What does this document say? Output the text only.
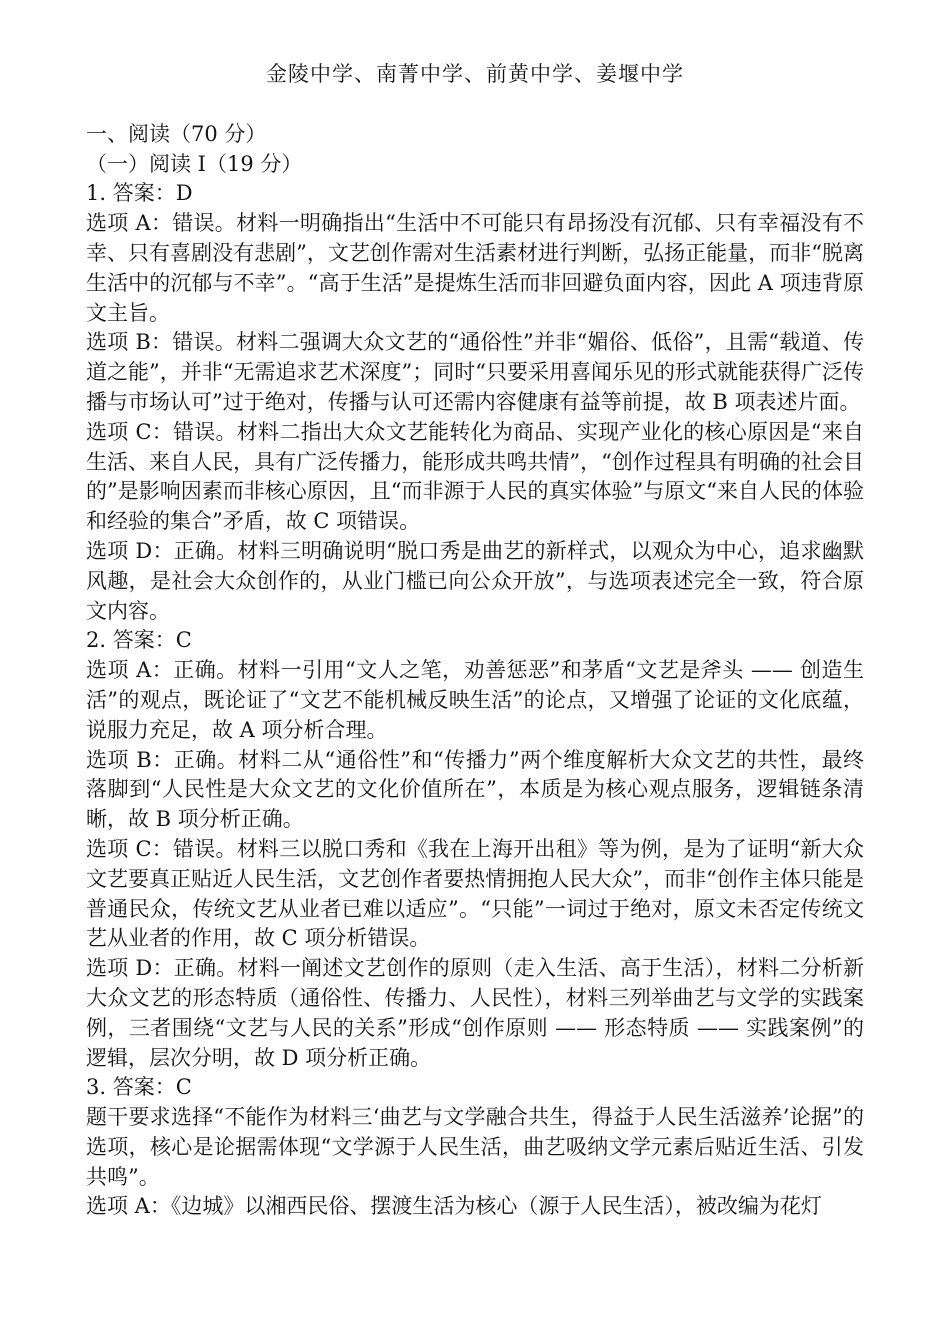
金陵中学、南菁中学、前黄中学、姜堰中学

一、阅读（70 分）

（一）阅读 I（19 分）

1. 答案：D

选项 A：错误。材料一明确指出“生活中不可能只有昂扬没有沉郁、只有幸福没有不幸、只有喜剧没有悲剧”，文艺创作需对生活素材进行判断，弘扬正能量，而非“脱离生活中的沉郁与不幸”。“高于生活”是提炼生活而非回避负面内容，因此 A 项违背原文主旨。

选项 B：错误。材料二强调大众文艺的“通俗性”并非“媚俗、低俗”，且需“载道、传道之能”，并非“无需追求艺术深度”；同时“只要采用喜闻乐见的形式就能获得广泛传播与市场认可”过于绝对，传播与认可还需内容健康有益等前提，故 B 项表述片面。

选项 C：错误。材料二指出大众文艺能转化为商品、实现产业化的核心原因是“来自生活、来自人民，具有广泛传播力，能形成共鸣共情”，“创作过程具有明确的社会目的”是影响因素而非核心原因，且“而非源于人民的真实体验”与原文“来自人民的体验和经验的集合”矛盾，故 C 项错误。

选项 D：正确。材料三明确说明“脱口秀是曲艺的新样式，以观众为中心，追求幽默风趣，是社会大众创作的，从业门槛已向公众开放”，与选项表述完全一致，符合原文内容。

2. 答案：C

选项 A：正确。材料一引用“文人之笔，劝善惩恶”和茅盾“文艺是斧头 —— 创造生活”的观点，既论证了“文艺不能机械反映生活”的论点，又增强了论证的文化底蕴，说服力充足，故 A 项分析合理。

选项 B：正确。材料二从“通俗性”和“传播力”两个维度解析大众文艺的共性，最终落脚到“人民性是大众文艺的文化价值所在”，本质是为核心观点服务，逻辑链条清晰，故 B 项分析正确。

选项 C：错误。材料三以脱口秀和《我在上海开出租》等为例，是为了证明“新大众文艺要真正贴近人民生活，文艺创作者要热情拥抱人民大众”，而非“创作主体只能是普通民众，传统文艺从业者已难以适应”。“只能”一词过于绝对，原文未否定传统文艺从业者的作用，故 C 项分析错误。

选项 D：正确。材料一阐述文艺创作的原则（走入生活、高于生活），材料二分析新大众文艺的形态特质（通俗性、传播力、人民性），材料三列举曲艺与文学的实践案例，三者围绕“文艺与人民的关系”形成“创作原则 —— 形态特质 —— 实践案例”的逻辑，层次分明，故 D 项分析正确。

3. 答案：C

题干要求选择“不能作为材料三‘曲艺与文学融合共生，得益于人民生活滋养’论据”的选项，核心是论据需体现“文学源于人民生活，曲艺吸纳文学元素后贴近生活、引发共鸣”。

选项 A：《边城》以湘西民俗、摆渡生活为核心（源于人民生活），被改编为花灯
